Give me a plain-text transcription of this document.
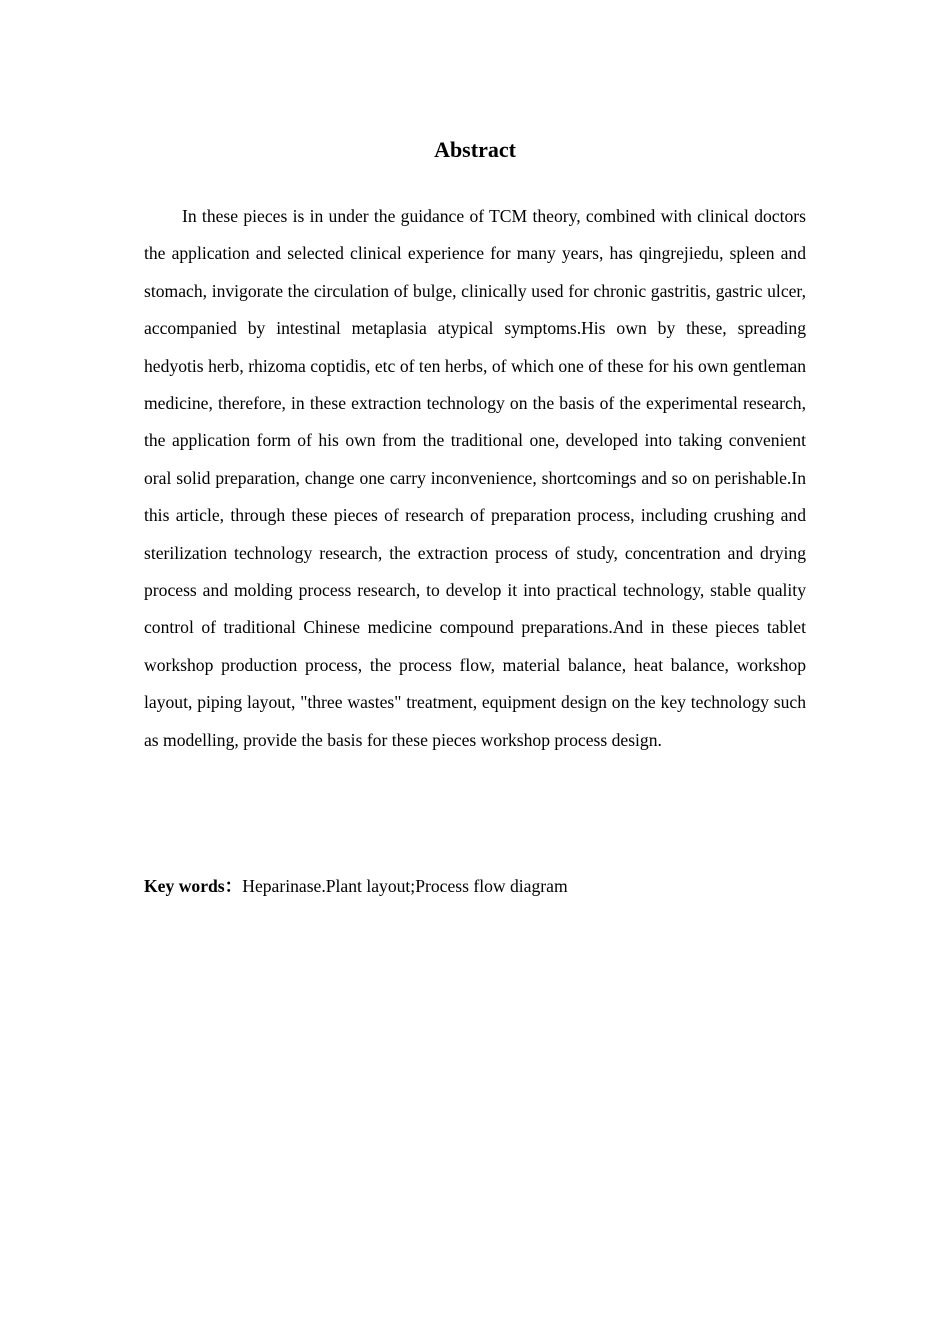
Abstract

In these pieces is in under the guidance of TCM theory, combined with clinical doctors the application and selected clinical experience for many years, has qingrejiedu, spleen and stomach, invigorate the circulation of bulge, clinically used for chronic gastritis, gastric ulcer, accompanied by intestinal metaplasia atypical symptoms.His own by these, spreading hedyotis herb, rhizoma coptidis, etc of ten herbs, of which one of these for his own gentleman medicine, therefore, in these extraction technology on the basis of the experimental research, the application form of his own from the traditional one, developed into taking convenient oral solid preparation, change one carry inconvenience, shortcomings and so on perishable.In this article, through these pieces of research of preparation process, including crushing and sterilization technology research, the extraction process of study, concentration and drying process and molding process research, to develop it into practical technology, stable quality control of traditional Chinese medicine compound preparations.And in these pieces tablet workshop production process, the process flow, material balance, heat balance, workshop layout, piping layout, "three wastes" treatment, equipment design on the key technology such as modelling, provide the basis for these pieces workshop process design.

Key words：Heparinase.Plant layout;Process flow diagram
